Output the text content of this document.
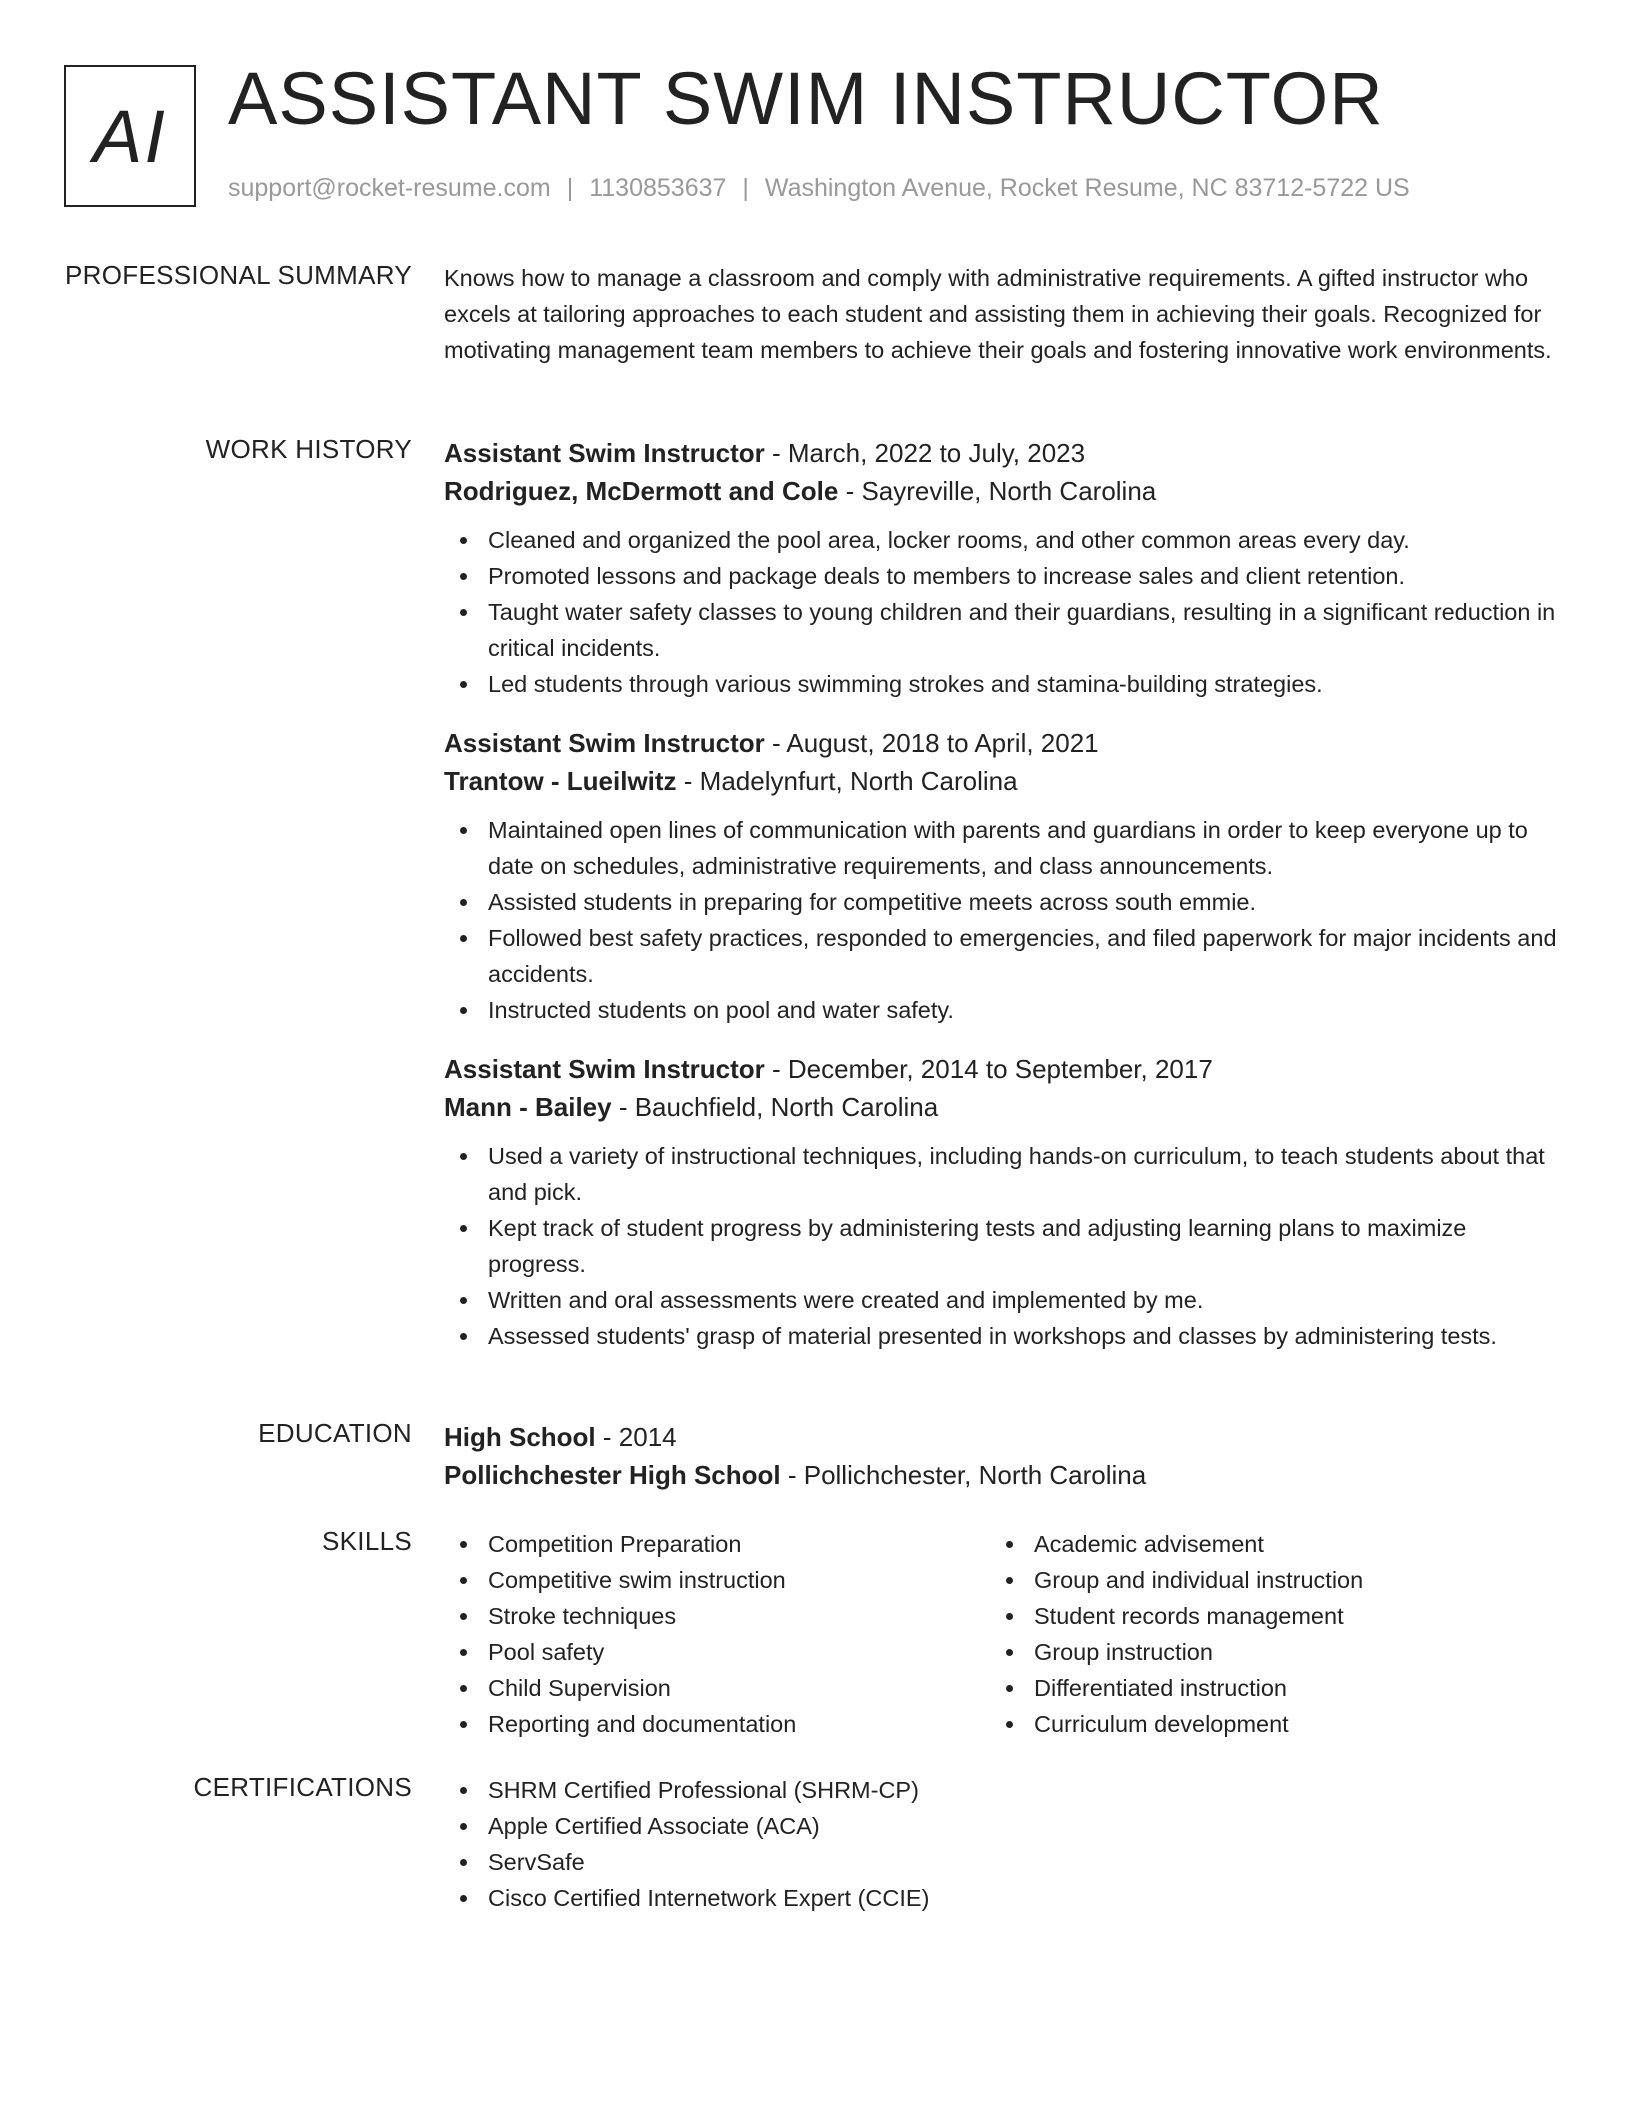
AI ASSISTANT SWIM INSTRUCTOR
support@rocket-resume.com | 1130853637 | Washington Avenue, Rocket Resume, NC 83712-5722 US
PROFESSIONAL SUMMARY Knows how to manage a classroom and comply with administrative requirements. A gifted instructor who excels at tailoring approaches to each student and assisting them in achieving their goals. Recognized for motivating management team members to achieve their goals and fostering innovative work environments.

WORK HISTORY Assistant Swim Instructor - March, 2022 to July, 2023
Rodriguez, McDermott and Cole - Sayreville, North Carolina
Cleaned and organized the pool area, locker rooms, and other common areas every day.
Promoted lessons and package deals to members to increase sales and client retention.
Taught water safety classes to young children and their guardians, resulting in a significant reduction in critical incidents.
Led students through various swimming strokes and stamina-building strategies.
Assistant Swim Instructor - August, 2018 to April, 2021
Trantow - Lueilwitz - Madelynfurt, North Carolina
Maintained open lines of communication with parents and guardians in order to keep everyone up to date on schedules, administrative requirements, and class announcements.
Assisted students in preparing for competitive meets across south emmie.
Followed best safety practices, responded to emergencies, and filed paperwork for major incidents and accidents.
Instructed students on pool and water safety.
Assistant Swim Instructor - December, 2014 to September, 2017
Mann - Bailey - Bauchfield, North Carolina
Used a variety of instructional techniques, including hands-on curriculum, to teach students about that and pick.
Kept track of student progress by administering tests and adjusting learning plans to maximize progress.
Written and oral assessments were created and implemented by me.
Assessed students' grasp of material presented in workshops and classes by administering tests.
EDUCATION High School - 2014
Pollichchester High School - Pollichchester, North Carolina
SKILLS	Competition Preparation
Competitive swim instruction
Stroke techniques
Pool safety
Child Supervision
Reporting and documentation
Academic advisement
Group and individual instruction
Student records management
Group instruction
Differentiated instruction
Curriculum development
CERTIFICATIONS	SHRM Certified Professional (SHRM-CP)
Apple Certified Associate (ACA)
ServSafe
Cisco Certified Internetwork Expert (CCIE)
